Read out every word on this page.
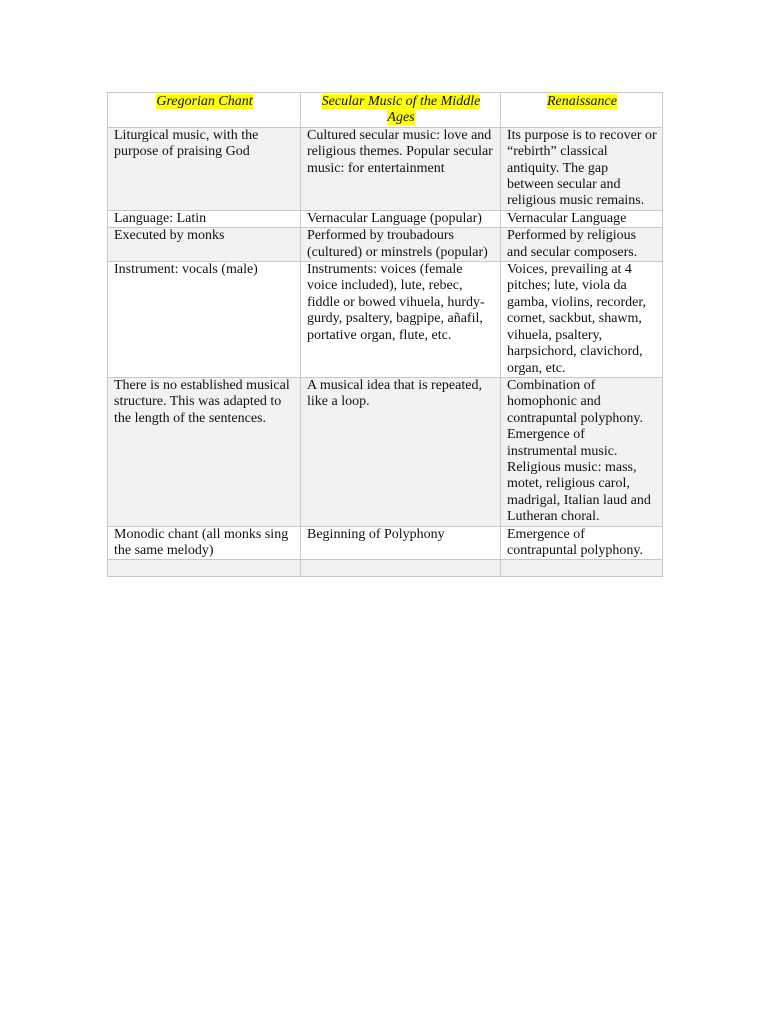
Gregorian Chant	Secular Music of the Middle Ages	Renaissance
Liturgical music, with the purpose of praising God	Cultured secular music: love and religious themes. Popular secular music: for entertainment	Its purpose is to recover or “rebirth” classical antiquity. The gap between secular and religious music remains.
Language: Latin	Vernacular Language (popular)	Vernacular Language
Executed by monks	Performed by troubadours (cultured) or minstrels (popular)	Performed by religious and secular composers.
Instrument: vocals (male)	Instruments: voices (female voice included), lute, rebec, fiddle or bowed vihuela, hurdy-gurdy, psaltery, bagpipe, añafil, portative organ, flute, etc.	Voices, prevailing at 4 pitches; lute, viola da gamba, violins, recorder, cornet, sackbut, shawm, vihuela, psaltery, harpsichord, clavichord, organ, etc.
There is no established musical structure. This was adapted to the length of the sentences.	A musical idea that is repeated, like a loop.	Combination of homophonic and contrapuntal polyphony. Emergence of instrumental music. Religious music: mass, motet, religious carol, madrigal, Italian laud and Lutheran choral.
Monodic chant (all monks sing the same melody)	Beginning of Polyphony	Emergence of contrapuntal polyphony.
